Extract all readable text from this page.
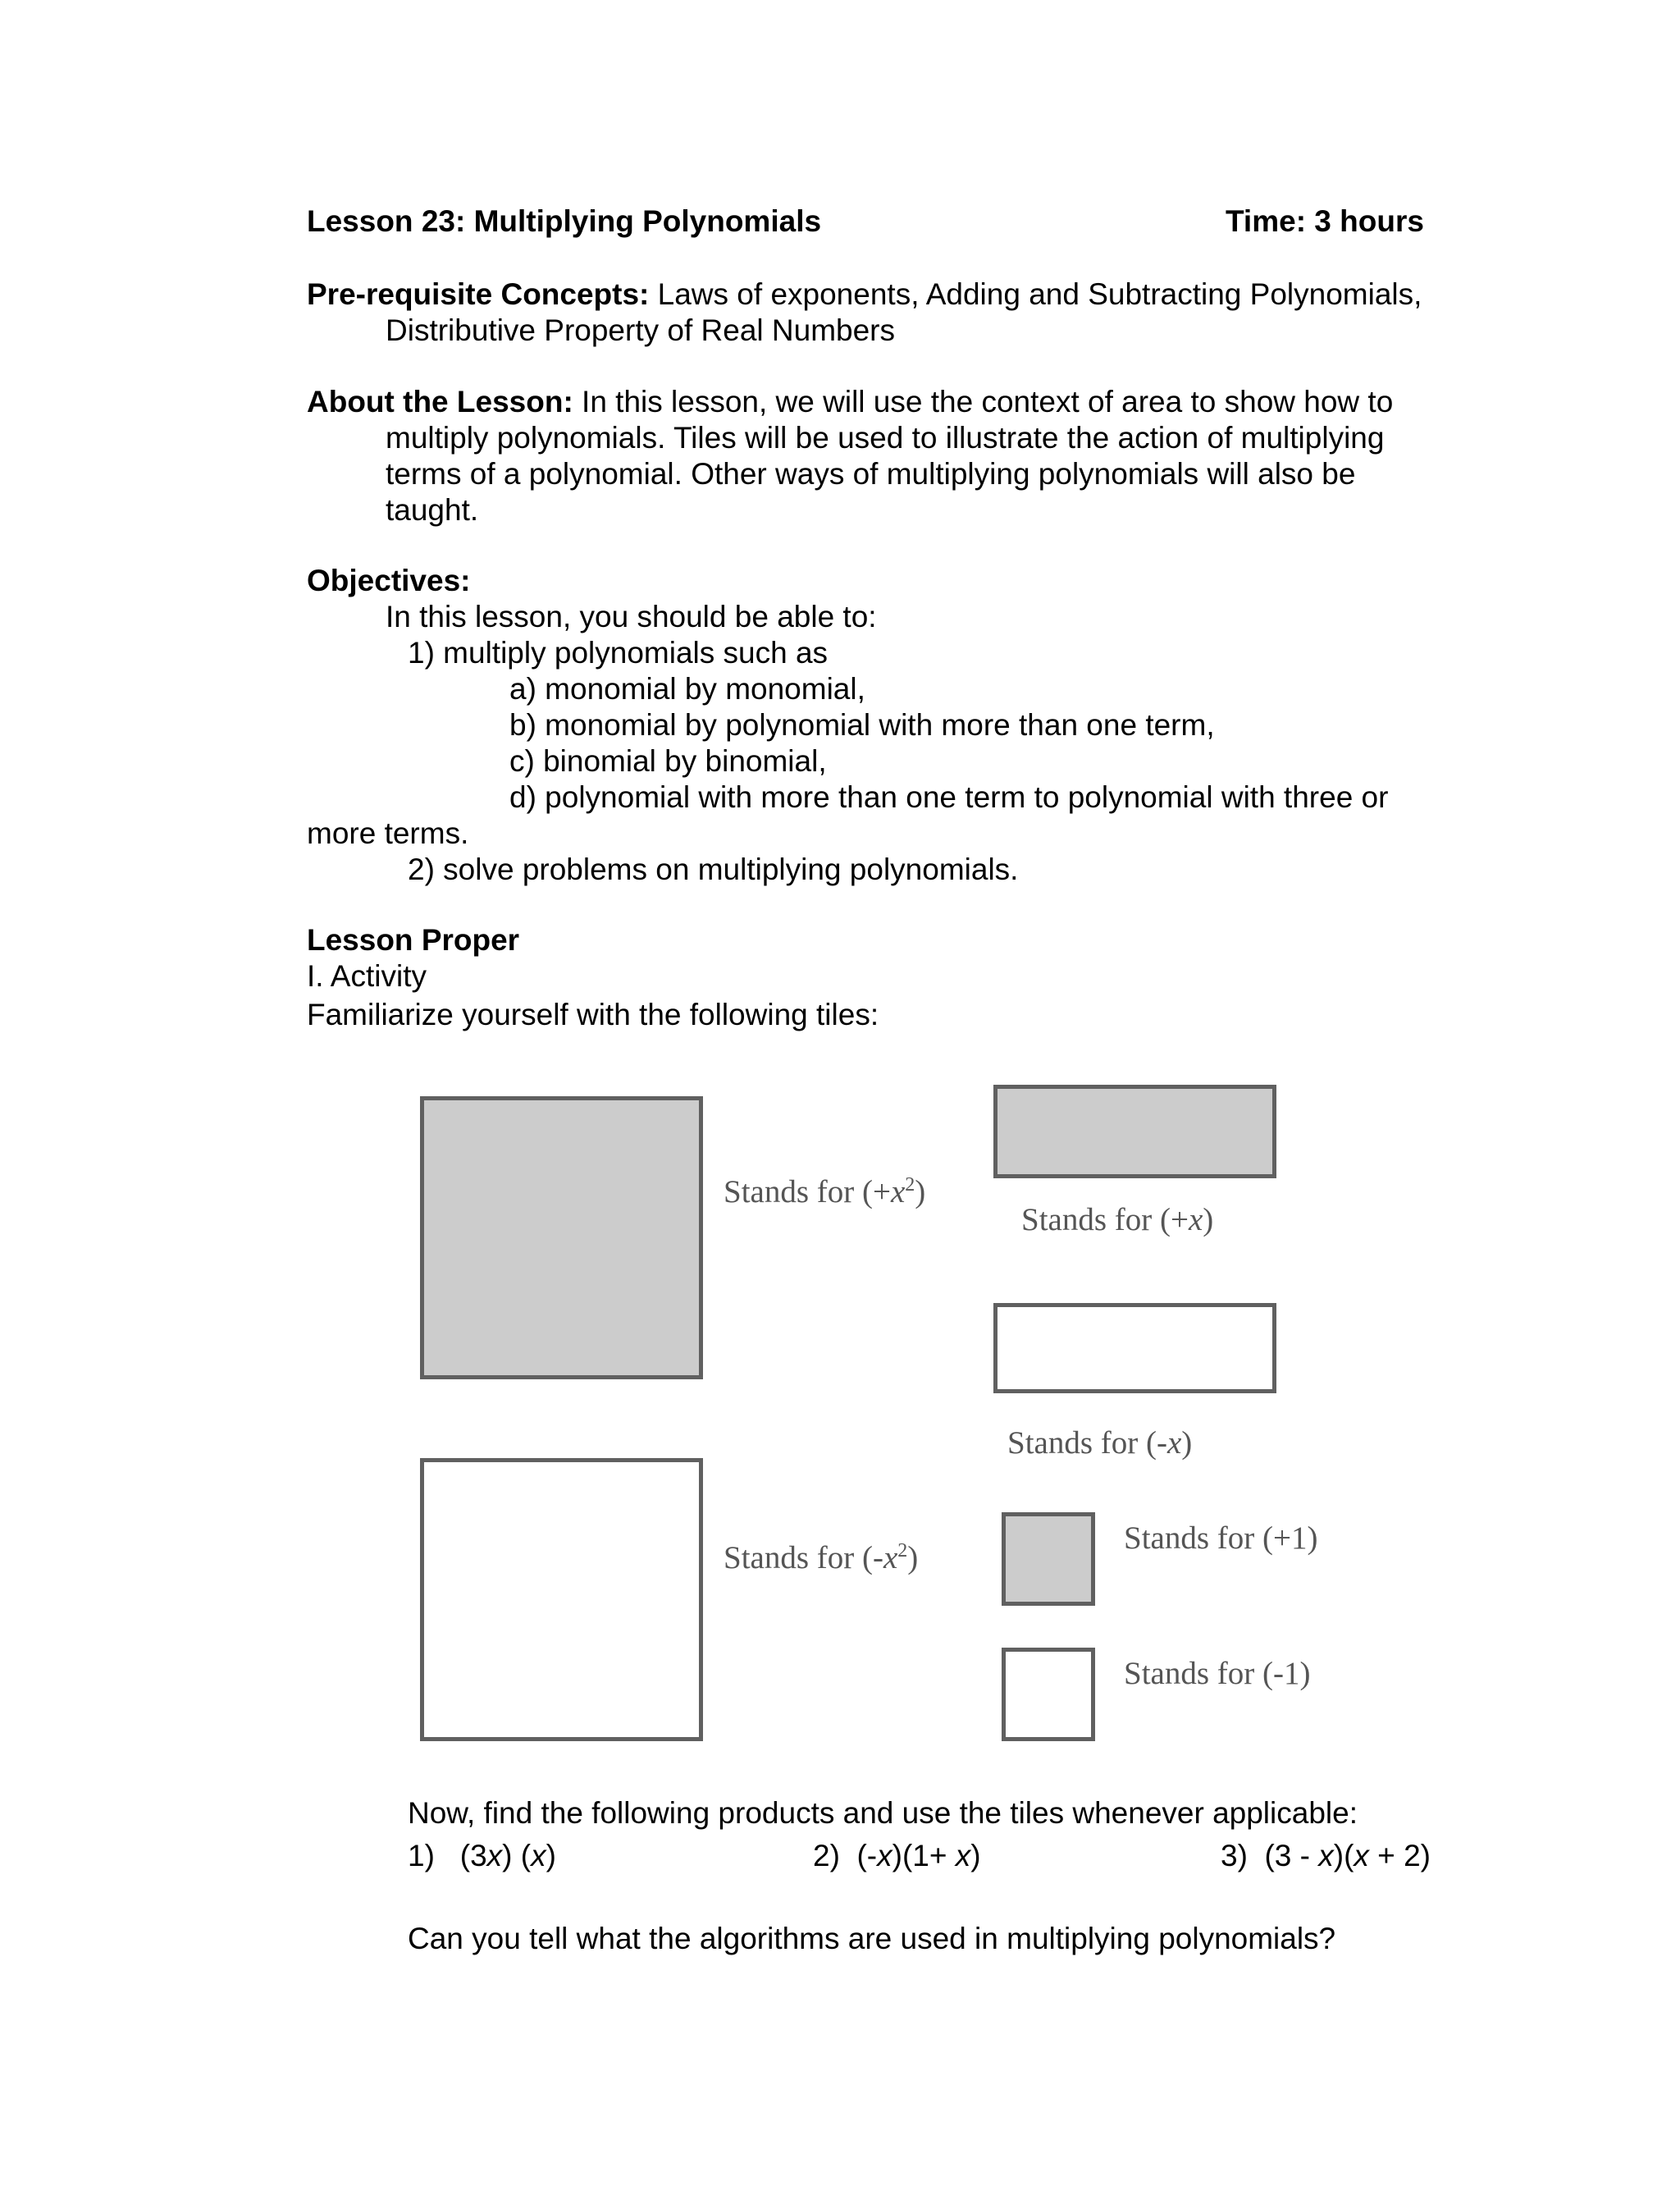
Lesson 23: Multiplying Polynomials	Time: 3 hours
Pre-requisite Concepts: Laws of exponents, Adding and Subtracting Polynomials,
Distributive Property of Real Numbers
About the Lesson: In this lesson, we will use the context of area to show how to
multiply polynomials. Tiles will be used to illustrate the action of multiplying
terms of a polynomial. Other ways of multiplying polynomials will also be
taught.
Objectives:
In this lesson, you should be able to:
1) multiply polynomials such as
a) monomial by monomial,
b) monomial by polynomial with more than one term,
c) binomial by binomial,
d) polynomial with more than one term to polynomial with three or
more terms.
2) solve problems on multiplying polynomials.
Lesson Proper
I. Activity
Familiarize yourself with the following tiles:
Stands for $(+x^2)$
Stands for (+x)
Stands for (-x)
Stands for $(-x^2)$
Stands for (+1)
Stands for (-1)
Now, find the following products and use the tiles whenever applicable:
1) (3x) (x)	2) (-x)(1+ x)	3) (3 - x)(x + 2)
Can you tell what the algorithms are used in multiplying polynomials?
